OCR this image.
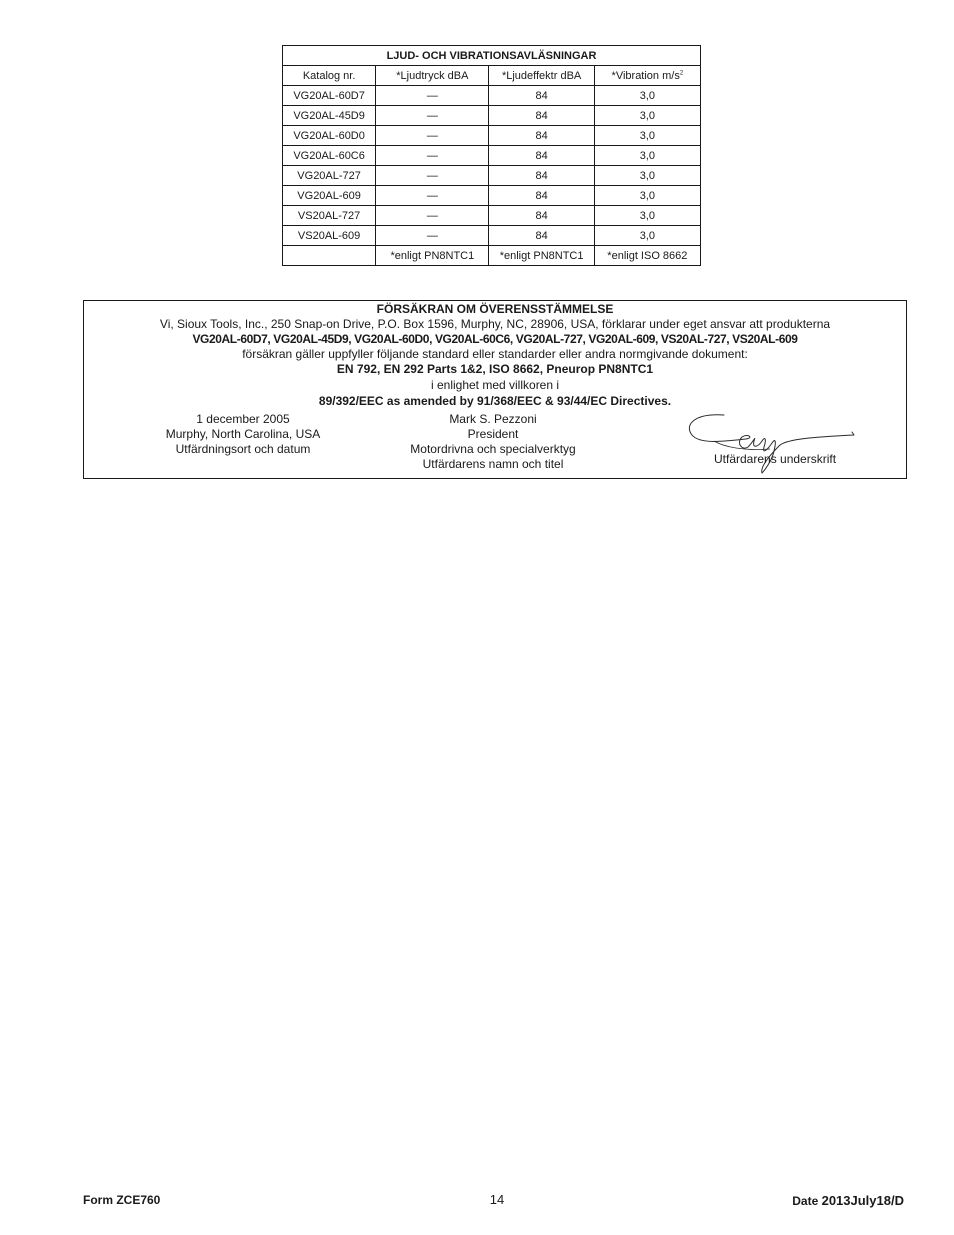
LJUD- OCH VIBRATIONSAVLÄSNINGAR			
Katalog nr.	*Ljudtryck dBA	*Ljudeffektr dBA	*Vibration $m/s^2$
VG20AL-60D7	—	84	3,0
VG20AL-45D9	—	84	3,0
VG20AL-60D0	—	84	3,0
VG20AL-60C6	—	84	3,0
VG20AL-727	—	84	3,0
VG20AL-609	—	84	3,0
VS20AL-727	—	84	3,0
VS20AL-609	—	84	3,0
	*enligt PN8NTC1	*enligt PN8NTC1	*enligt ISO 8662
FÖRSÄKRAN OM ÖVERENSSTÄMMELSE
Vi, Sioux Tools, Inc., 250 Snap-on Drive, P.O. Box 1596, Murphy, NC, 28906, USA, förklarar under eget ansvar att produkterna
VG20AL-60D7, VG20AL-45D9, VG20AL-60D0, VG20AL-60C6, VG20AL-727, VG20AL-609, VS20AL-727, VS20AL-609
försäkran gäller uppfyller följande standard eller standarder eller andra normgivande dokument:
EN 792, EN 292 Parts 1&2, ISO 8662, Pneurop PN8NTC1
i enlighet med villkoren i
89/392/EEC as amended by 91/368/EEC & 93/44/EC Directives.
1 december 2005
Murphy, North Carolina, USA
Utfärdningsort och datum
Mark S. Pezzoni
President
Motordrivna och specialverktyg
Utfärdarens namn och titel	Utfärdarens underskrift
Form ZCE760	14	Date 2013July18/D
